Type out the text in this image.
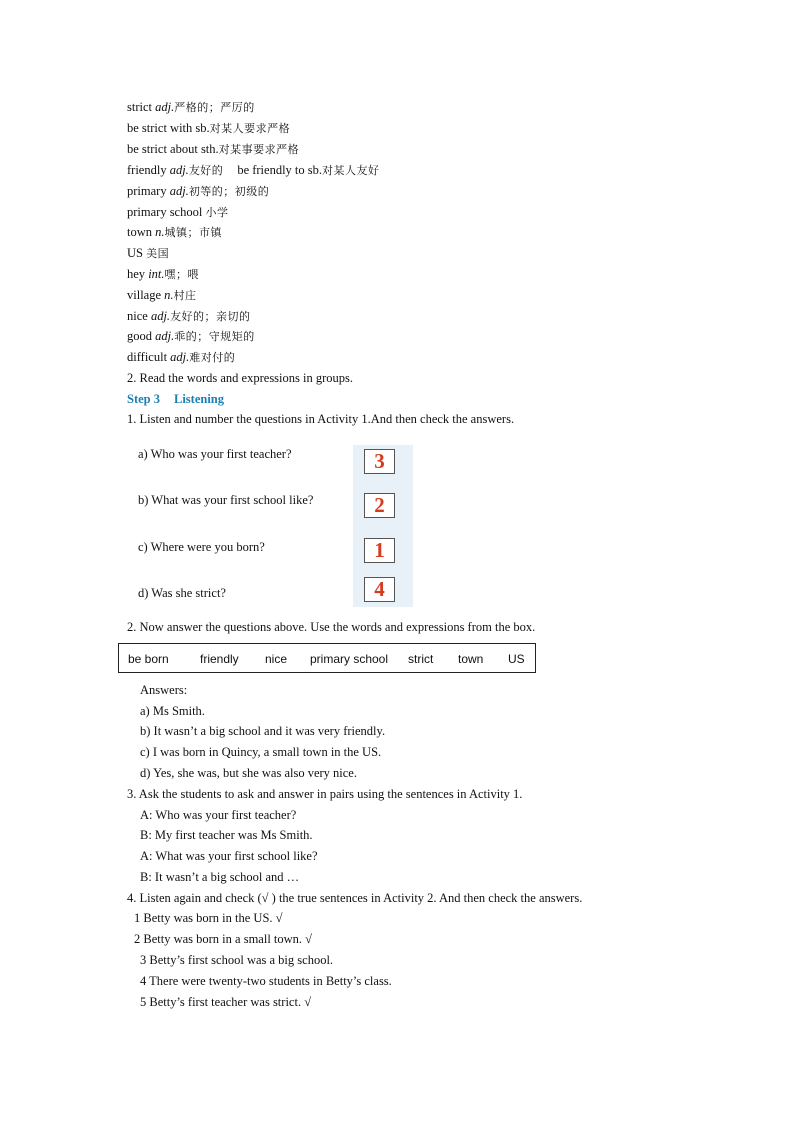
strict adj.严格的；严厉的
be strict with sb.对某人要求严格
be strict about sth.对某事要求严格
friendly adj.友好的 be friendly to sb.对某人友好
primary adj.初等的；初级的
primary school 小学
town n.城镇；市镇
US 美国
hey int.嘿；喂
village n.村庄
nice adj.友好的；亲切的
good adj.乖的；守规矩的
difficult adj.难对付的
2. Read the words and expressions in groups.
Step 3 Listening
1. Listen and number the questions in Activity 1.And then check the answers.
a) Who was your first teacher?
b) What was your first school like?
c) Where were you born?
d) Was she strict?
3
2
1
4
2. Now answer the questions above. Use the words and expressions from the box.
be born	friendly nice primary school strict town US
Answers:
a) Ms Smith.
b) It wasn’t a big school and it was very friendly.
c) I was born in Quincy, a small town in the US.
d) Yes, she was, but she was also very nice.
3. Ask the students to ask and answer in pairs using the sentences in Activity 1.
A: Who was your first teacher?
B: My first teacher was Ms Smith.
A: What was your first school like?
B: It wasn’t a big school and …
4. Listen again and check (√ ) the true sentences in Activity 2. And then check the answers.
1 Betty was born in the US. √
2 Betty was born in a small town. √
3 Betty’s first school was a big school.
4 There were twenty-two students in Betty’s class.
5 Betty’s first teacher was strict. √
